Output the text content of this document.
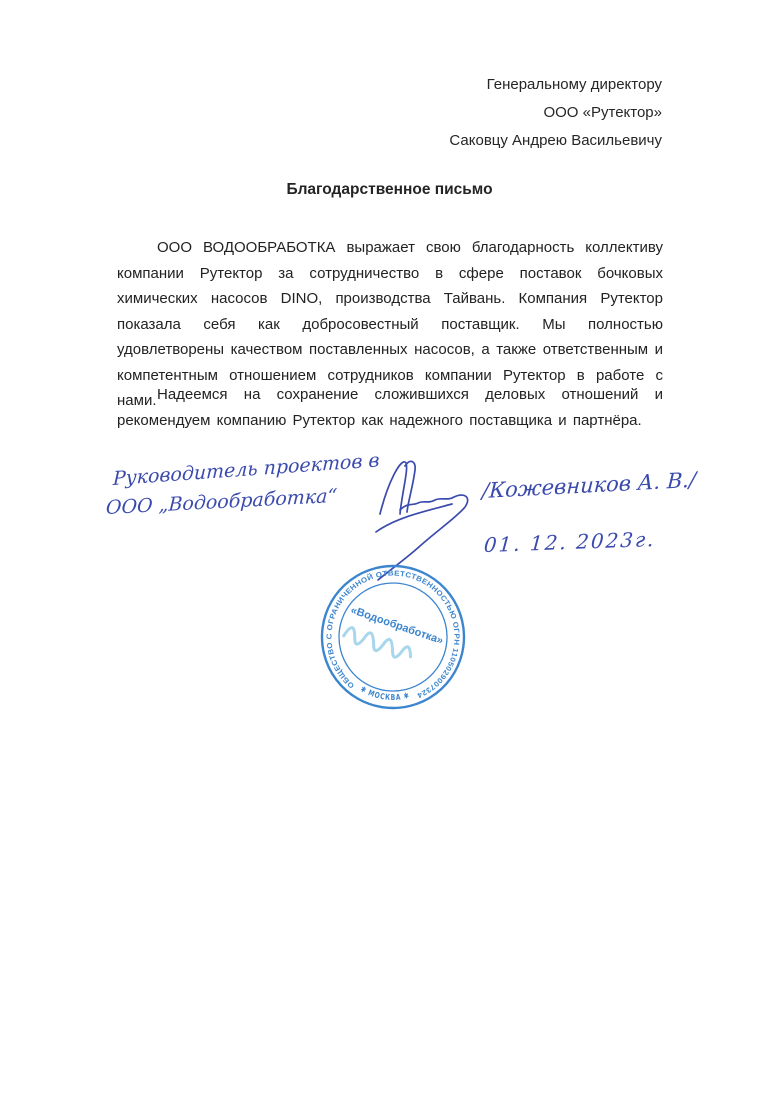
Генеральному директору
ООО «Рутектор»
Саковцу Андрею Васильевичу
Благодарственное письмо

ООО ВОДООБРАБОТКА выражает свою благодарность коллективу компании Рутектор за сотрудничество в сфере поставок бочковых химических насосов DINO, производства Тайвань. Компания Рутектор показала себя как добросовестный поставщик. Мы полностью удовлетворены качеством поставленных насосов, а также ответственным и компетентным отношением сотрудников компании Рутектор в работе с нами. Надеемся на сохранение сложившихся деловых отношений и рекомендуем компанию Рутектор как надежного поставщика и партнёра.

Руководитель проектов в
ООО „Водообработка“	/Кожевников А. В./
01. 12. 2023г.
ОБЩЕСТВО С ОГРАНИЧЕННОЙ ОТВЕТСТВЕННОСТЬЮ ОГРН 1105029007324
✱ МОСКВА ✱
«Водообработка»
